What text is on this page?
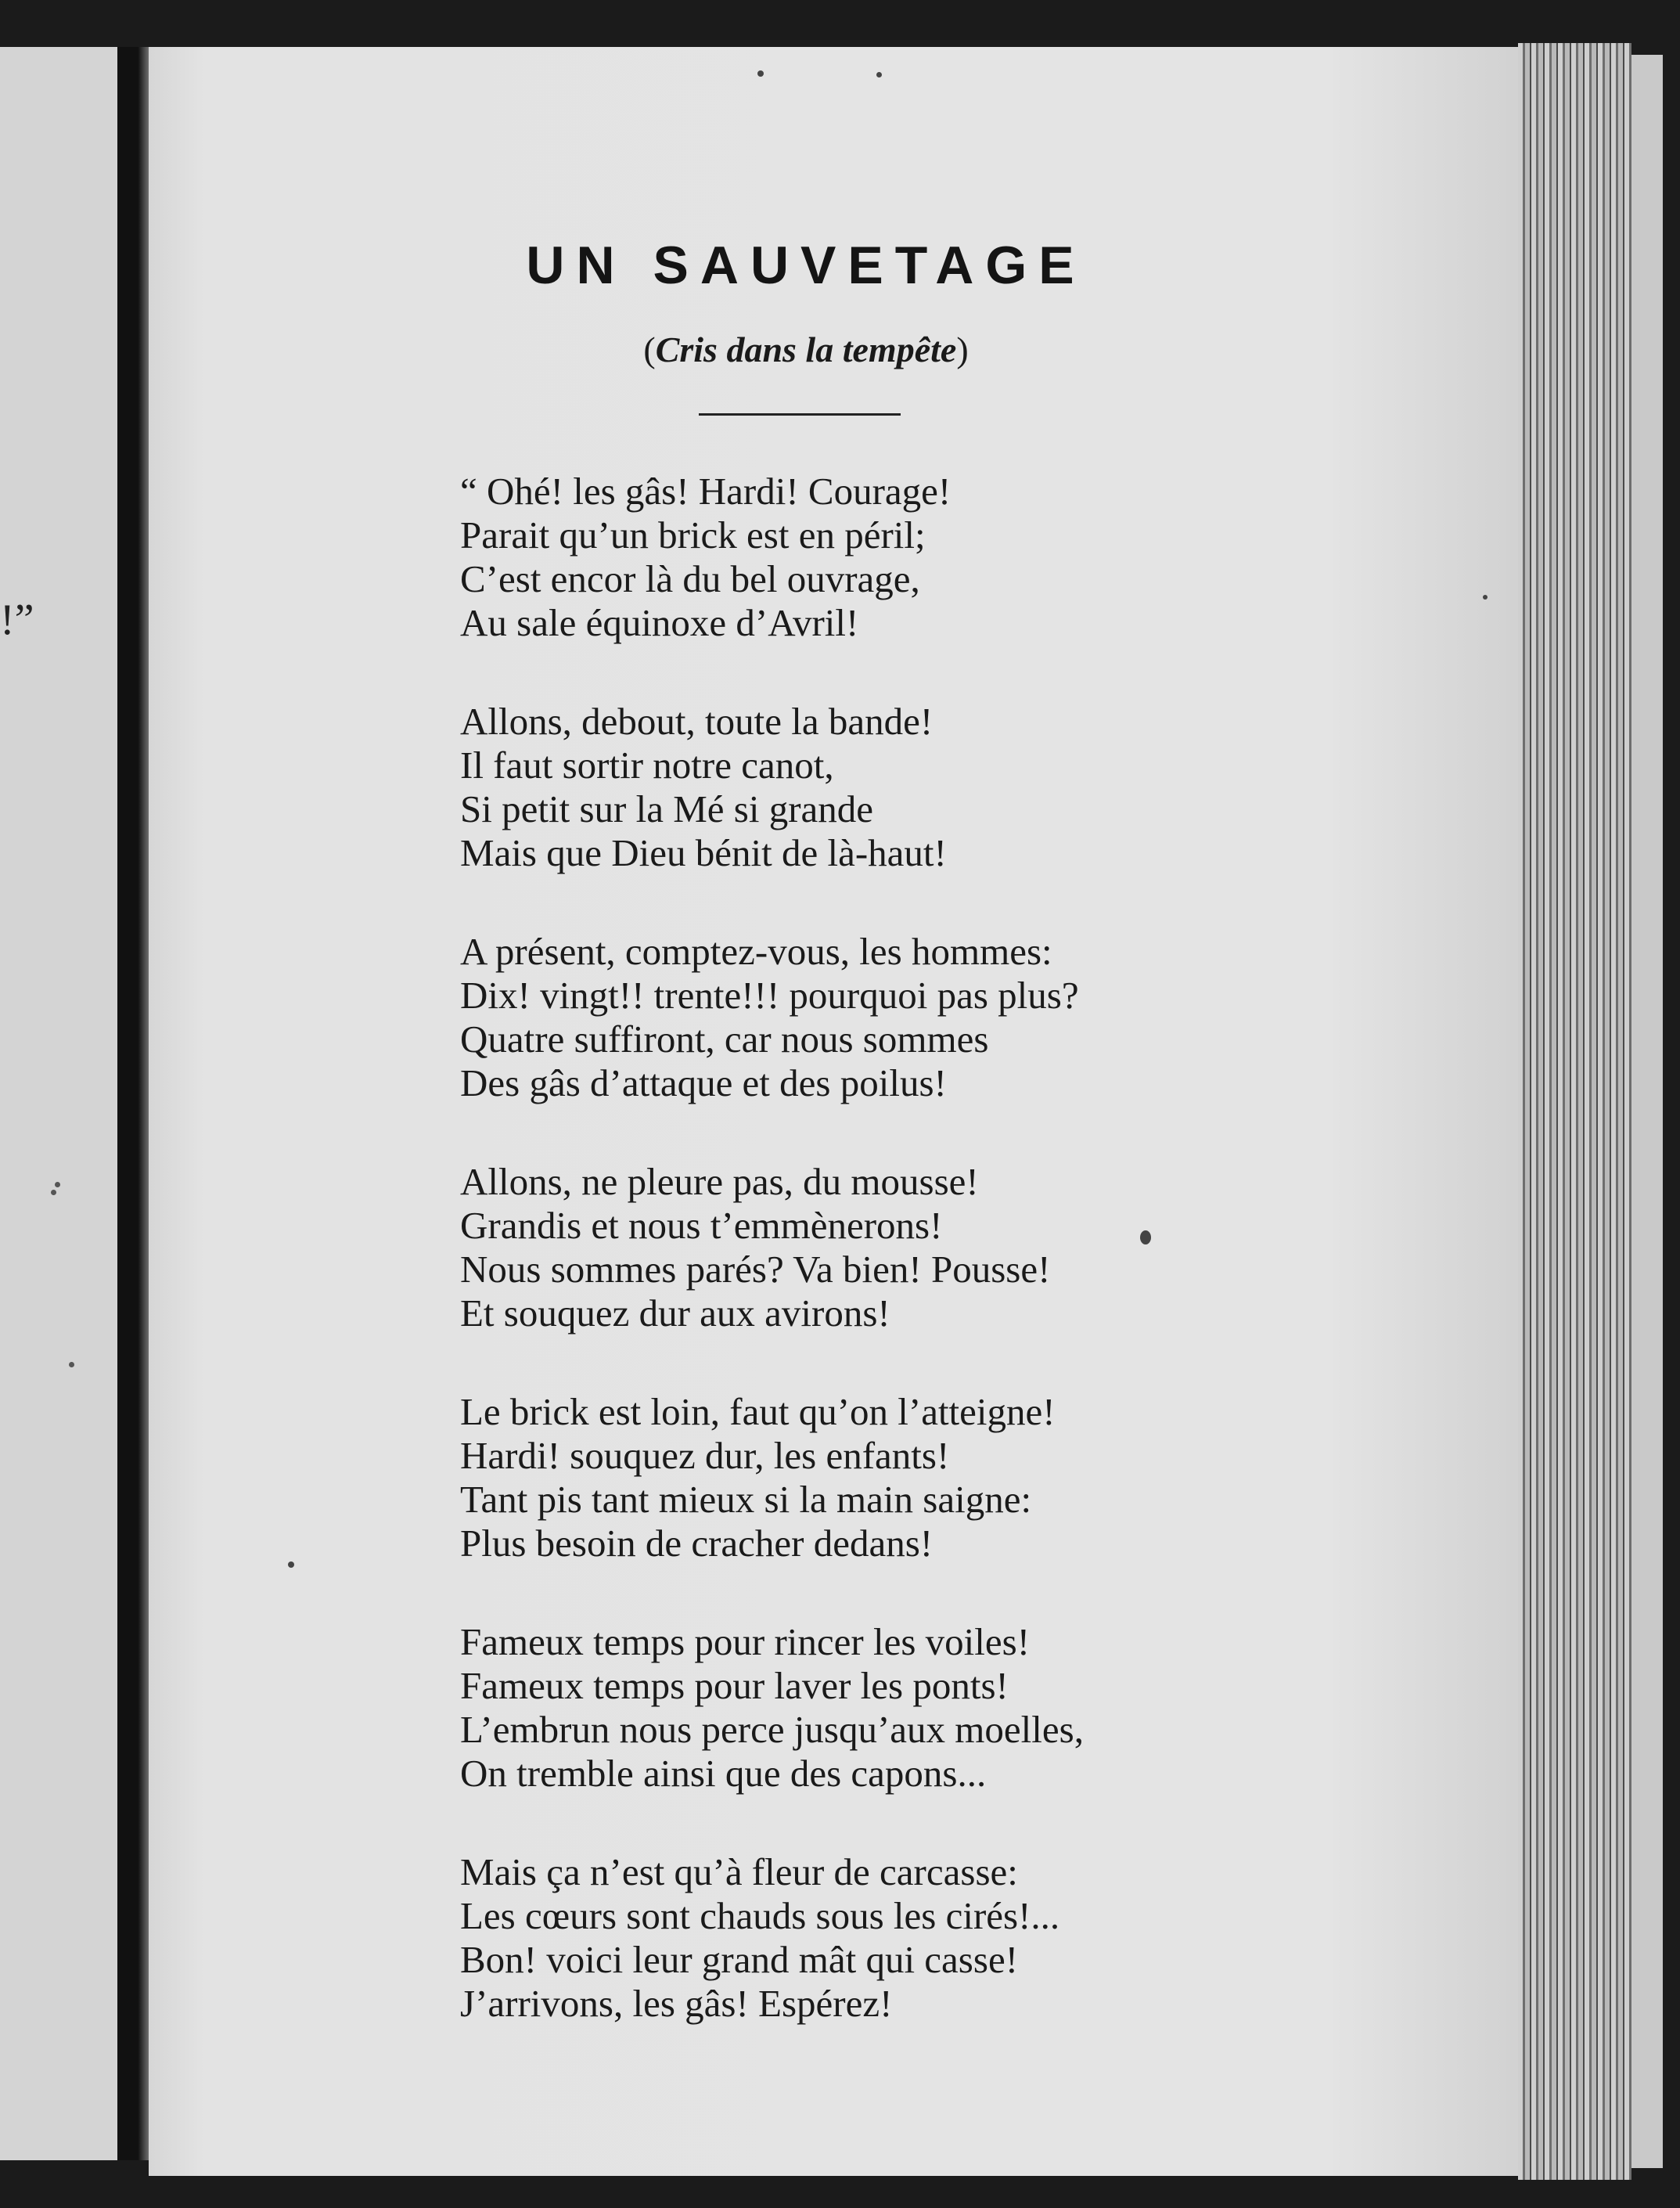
!”
UN SAUVETAGE
(Cris dans la tempête)
“ Ohé! les gâs! Hardi! Courage!
Parait qu’un brick est en péril;
C’est encor là du bel ouvrage,
Au sale équinoxe d’Avril!
Allons, debout, toute la bande!
Il faut sortir notre canot,
Si petit sur la Mé si grande
Mais que Dieu bénit de là-haut!
A présent, comptez-vous, les hommes:
Dix! vingt!! trente!!! pourquoi pas plus?
Quatre suffiront, car nous sommes
Des gâs d’attaque et des poilus!
Allons, ne pleure pas, du mousse!
Grandis et nous t’emmènerons!
Nous sommes parés? Va bien! Pousse!
Et souquez dur aux avirons!
Le brick est loin, faut qu’on l’atteigne!
Hardi! souquez dur, les enfants!
Tant pis tant mieux si la main saigne:
Plus besoin de cracher dedans!
Fameux temps pour rincer les voiles!
Fameux temps pour laver les ponts!
L’embrun nous perce jusqu’aux moelles,
On tremble ainsi que des capons...
Mais ça n’est qu’à fleur de carcasse:
Les cœurs sont chauds sous les cirés!...
Bon! voici leur grand mât qui casse!
J’arrivons, les gâs! Espérez!
